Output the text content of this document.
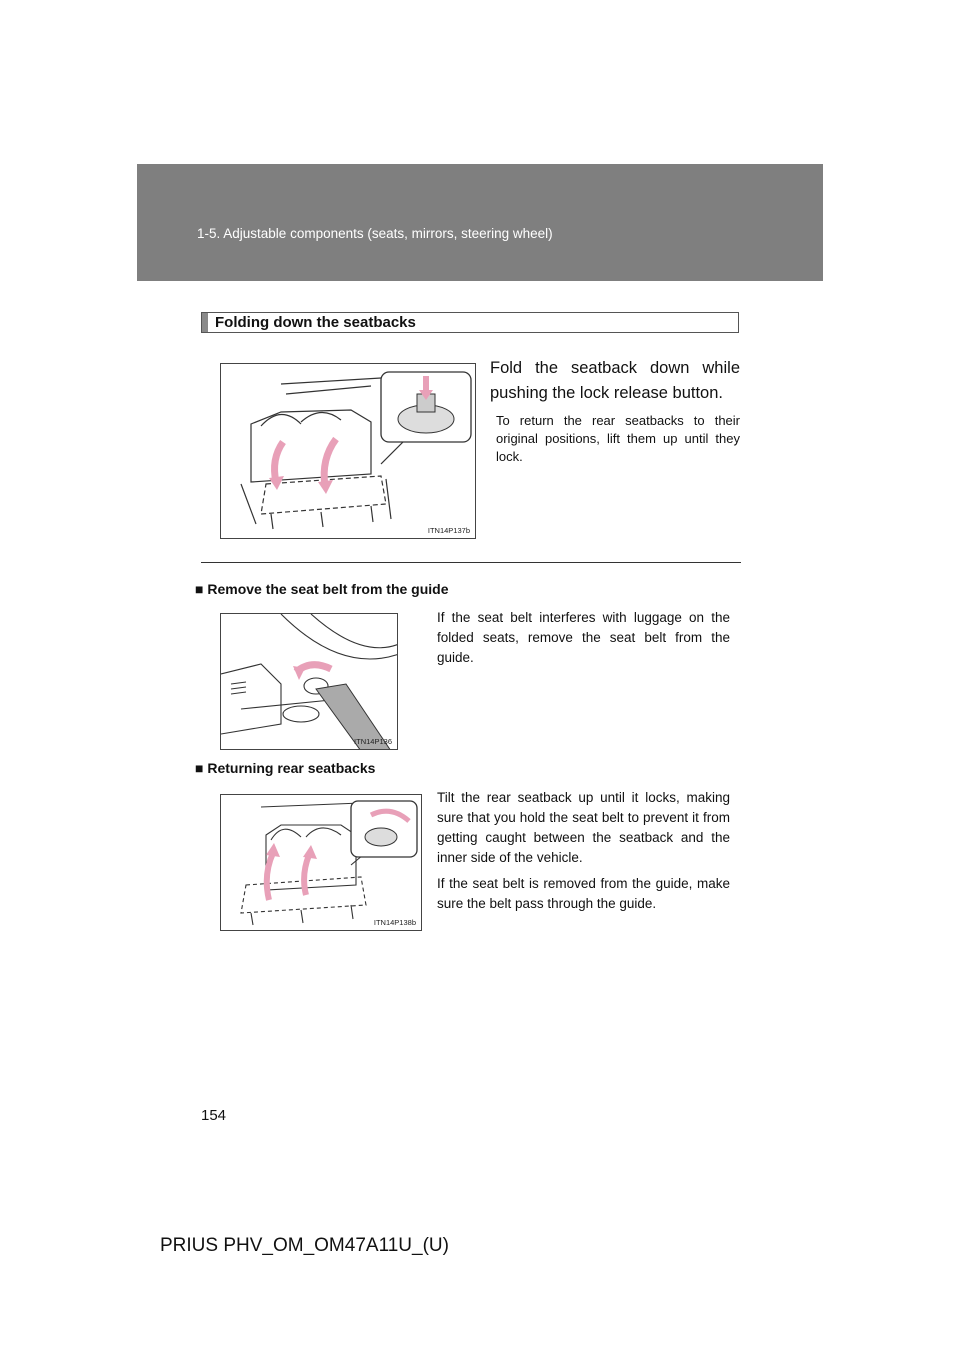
1-5. Adjustable components (seats, mirrors, steering wheel)
Folding down the seatbacks
ITN14P137b
Fold the seatback down while pushing the lock release button.
To return the rear seatbacks to their original positions, lift them up until they lock.
■ Remove the seat belt from the guide
ITN14P136

If the seat belt interferes with luggage on the folded seats, remove the seat belt from the guide.

■ Returning rear seatbacks
ITN14P138b

Tilt the rear seatback up until it locks, making sure that you hold the seat belt to prevent it from getting caught between the seatback and the inner side of the vehicle.

If the seat belt is removed from the guide, make sure the belt pass through the guide.

154
PRIUS PHV_OM_OM47A11U_(U)
